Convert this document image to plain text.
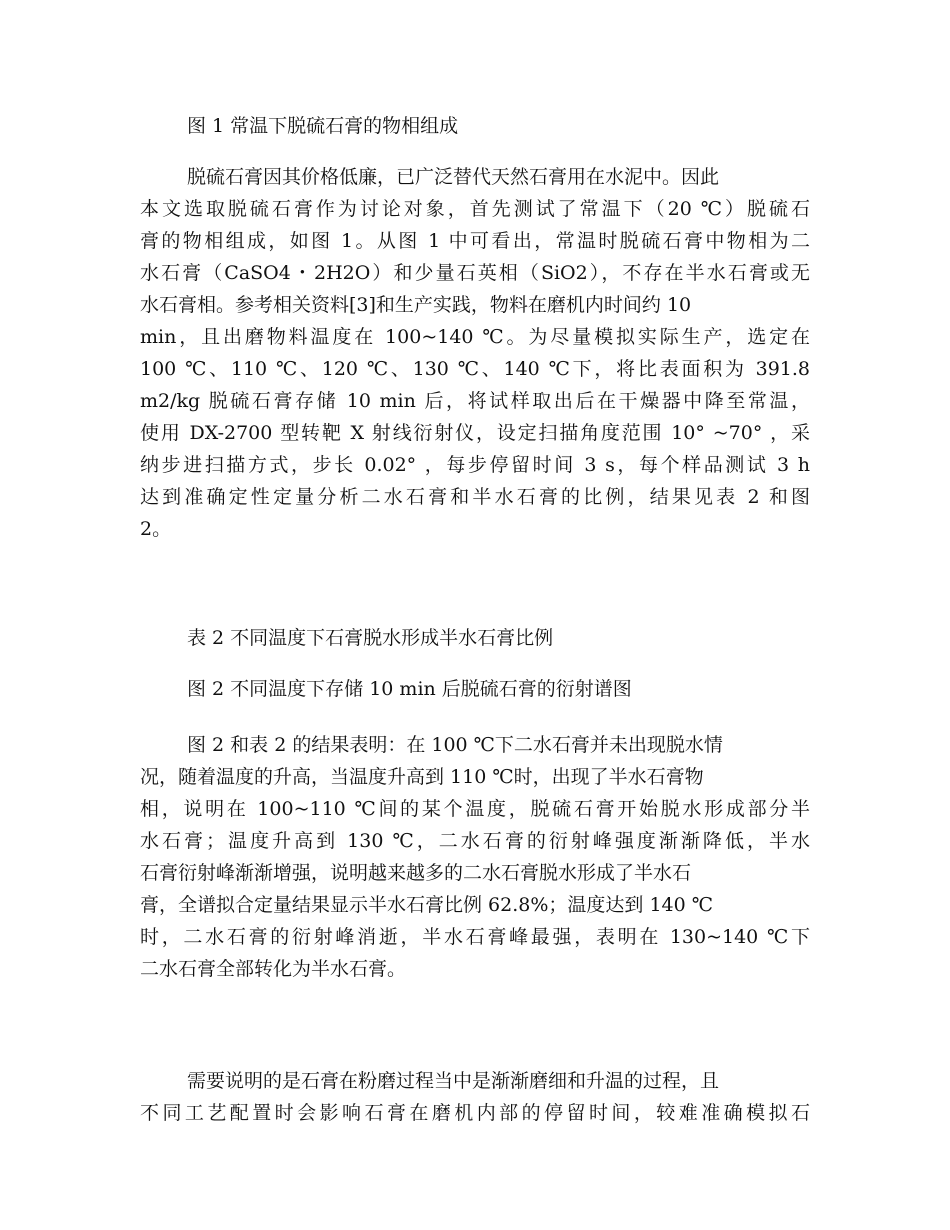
图 1 常温下脱硫石膏的物相组成

脱硫石膏因其价格低廉，已广泛替代天然石膏用在水泥中。因此
本文选取脱硫石膏作为讨论对象，首先测试了常温下（20 ℃）脱硫石
膏的物相组成，如图 1。从图 1 中可看出，常温时脱硫石膏中物相为二
水石膏（CaSO4・2H2O）和少量石英相（SiO2），不存在半水石膏或无
水石膏相。参考相关资料[3]和生产实践，物料在磨机内时间约 10
min，且出磨物料温度在 100~140 ℃。为尽量模拟实际生产，选定在
100 ℃、110 ℃、120 ℃、130 ℃、140 ℃下，将比表面积为 391.8
m2/kg 脱硫石膏存储 10 min 后，将试样取出后在干燥器中降至常温，
使用 DX-2700 型转靶 X 射线衍射仪，设定扫描角度范围 10° ~70° ，采
纳步进扫描方式，步长 0.02° ，每步停留时间 3 s，每个样品测试 3 h
达到准确定性定量分析二水石膏和半水石膏的比例，结果见表 2 和图
2。

表 2 不同温度下石膏脱水形成半水石膏比例

图 2 不同温度下存储 10 min 后脱硫石膏的衍射谱图

图 2 和表 2 的结果表明：在 100 ℃下二水石膏并未出现脱水情
况，随着温度的升高，当温度升高到 110 ℃时，出现了半水石膏物
相，说明在 100~110 ℃间的某个温度，脱硫石膏开始脱水形成部分半
水石膏；温度升高到 130 ℃，二水石膏的衍射峰强度渐渐降低，半水
石膏衍射峰渐渐增强，说明越来越多的二水石膏脱水形成了半水石
膏，全谱拟合定量结果显示半水石膏比例 62.8%；温度达到 140 ℃
时，二水石膏的衍射峰消逝，半水石膏峰最强，表明在 130~140 ℃下
二水石膏全部转化为半水石膏。
需要说明的是石膏在粉磨过程当中是渐渐磨细和升温的过程，且
不同工艺配置时会影响石膏在磨机内部的停留时间，较难准确模拟石
